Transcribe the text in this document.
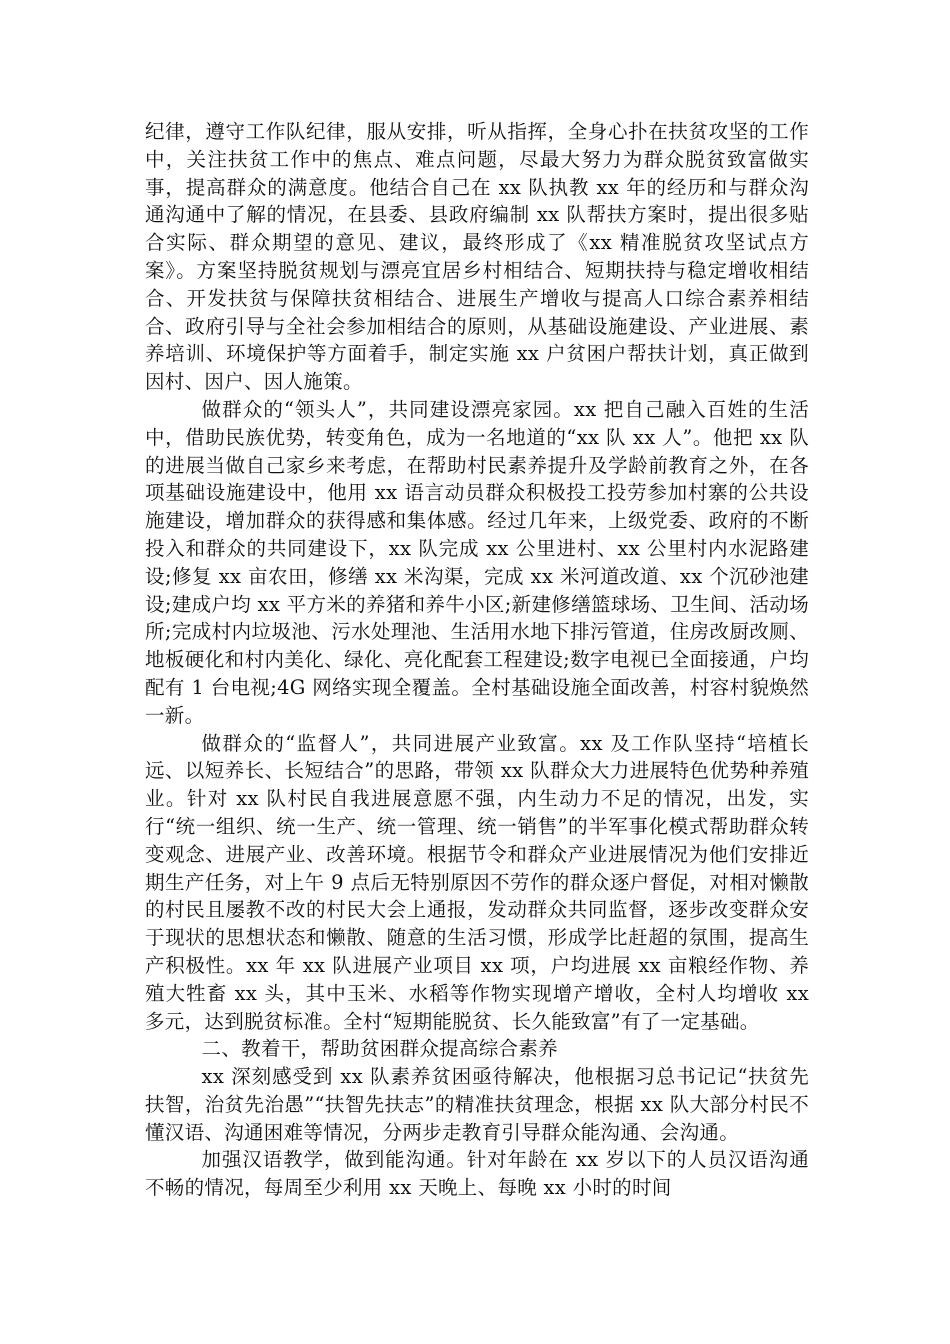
纪律，遵守工作队纪律，服从安排，听从指挥，全身心扑在扶贫攻坚的工作中，关注扶贫工作中的焦点、难点问题，尽最大努力为群众脱贫致富做实事，提高群众的满意度。他结合自己在 xx 队执教 xx 年的经历和与群众沟通沟通中了解的情况，在县委、县政府编制 xx 队帮扶方案时，提出很多贴合实际、群众期望的意见、建议，最终形成了《xx 精准脱贫攻坚试点方案》。方案坚持脱贫规划与漂亮宜居乡村相结合、短期扶持与稳定增收相结合、开发扶贫与保障扶贫相结合、进展生产增收与提高人口综合素养相结合、政府引导与全社会参加相结合的原则，从基础设施建设、产业进展、素养培训、环境保护等方面着手，制定实施 xx 户贫困户帮扶计划，真正做到因村、因户、因人施策。

做群众的“领头人”，共同建设漂亮家园。xx 把自己融入百姓的生活中，借助民族优势，转变角色，成为一名地道的“xx 队 xx 人”。他把 xx 队的进展当做自己家乡来考虑，在帮助村民素养提升及学龄前教育之外，在各项基础设施建设中，他用 xx 语言动员群众积极投工投劳参加村寨的公共设施建设，增加群众的获得感和集体感。经过几年来，上级党委、政府的不断投入和群众的共同建设下，xx 队完成 xx 公里进村、xx 公里村内水泥路建设;修复 xx 亩农田，修缮 xx 米沟渠，完成 xx 米河道改道、xx 个沉砂池建设;建成户均 xx 平方米的养猪和养牛小区;新建修缮篮球场、卫生间、活动场所;完成村内垃圾池、污水处理池、生活用水地下排污管道，住房改厨改厕、地板硬化和村内美化、绿化、亮化配套工程建设;数字电视已全面接通，户均配有 1 台电视;4G 网络实现全覆盖。全村基础设施全面改善，村容村貌焕然一新。

做群众的“监督人”，共同进展产业致富。xx 及工作队坚持“培植长远、以短养长、长短结合”的思路，带领 xx 队群众大力进展特色优势种养殖业。针对 xx 队村民自我进展意愿不强，内生动力不足的情况，出发，实行“统一组织、统一生产、统一管理、统一销售”的半军事化模式帮助群众转变观念、进展产业、改善环境。根据节令和群众产业进展情况为他们安排近期生产任务，对上午 9 点后无特别原因不劳作的群众逐户督促，对相对懒散的村民且屡教不改的村民大会上通报，发动群众共同监督，逐步改变群众安于现状的思想状态和懒散、随意的生活习惯，形成学比赶超的氛围，提高生产积极性。xx 年 xx 队进展产业项目 xx 项，户均进展 xx 亩粮经作物、养殖大牲畜 xx 头，其中玉米、水稻等作物实现增产增收，全村人均增收 xx 多元，达到脱贫标准。全村“短期能脱贫、长久能致富”有了一定基础。

二、教着干，帮助贫困群众提高综合素养

xx 深刻感受到 xx 队素养贫困亟待解决，他根据习总书记记“扶贫先扶智，治贫先治愚”“扶智先扶志”的精准扶贫理念，根据 xx 队大部分村民不懂汉语、沟通困难等情况，分两步走教育引导群众能沟通、会沟通。

加强汉语教学，做到能沟通。针对年龄在 xx 岁以下的人员汉语沟通不畅的情况，每周至少利用 xx 天晚上、每晚 xx 小时的时间
